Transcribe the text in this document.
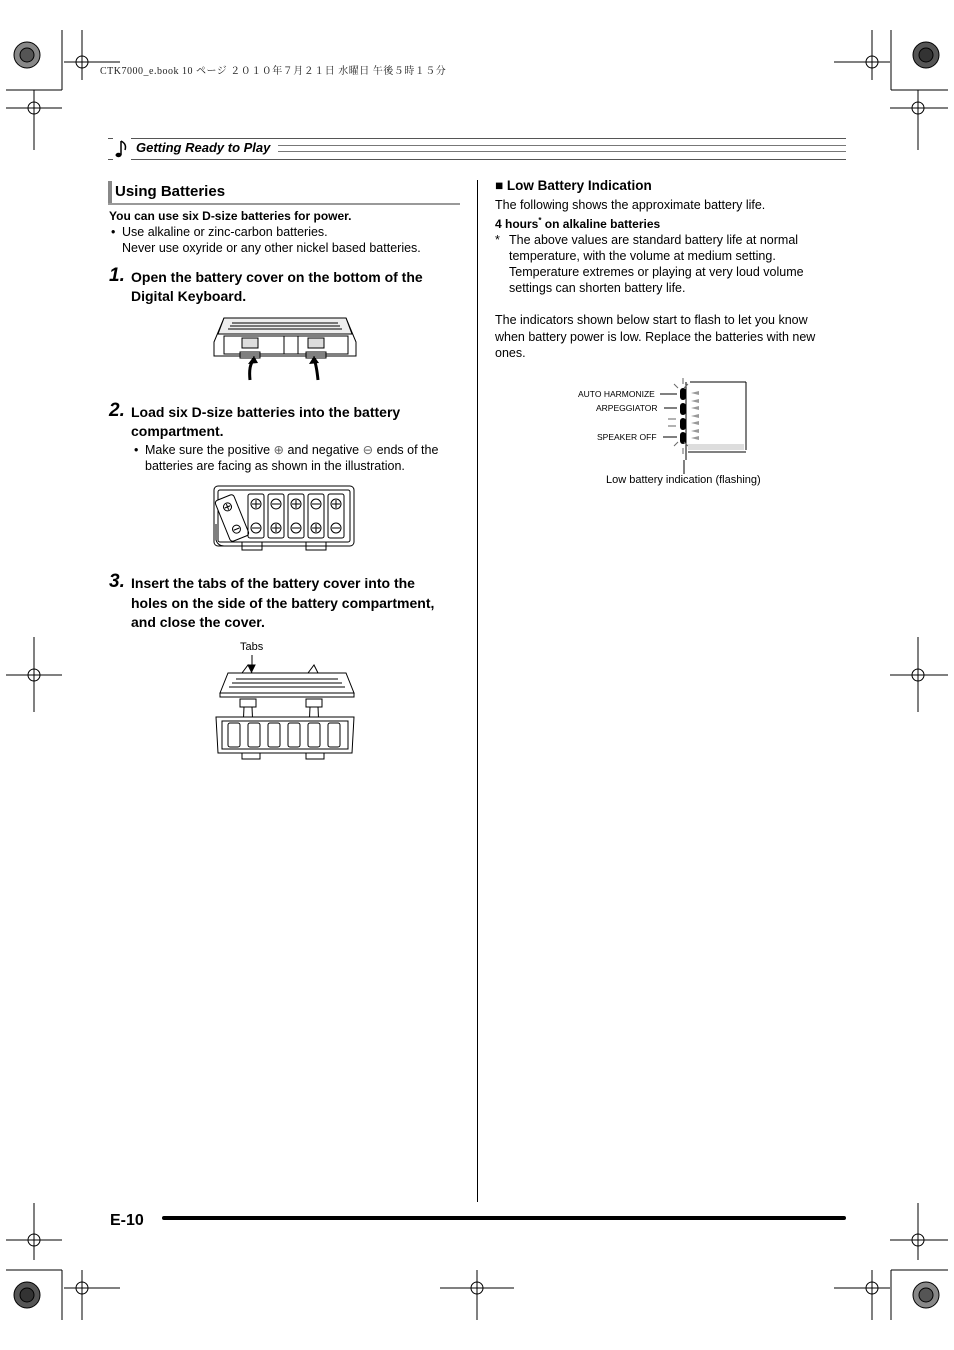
CTK7000_e.book 10 ページ ２０１０年７月２１日 水曜日 午後５時１５分
Getting Ready to Play
Using Batteries
You can use six D-size batteries for power.
• Use alkaline or zinc-carbon batteries.
Never use oxyride or any other nickel based batteries.
1. Open the battery cover on the bottom of the
Digital Keyboard.
2. Load six D-size batteries into the battery
compartment.
• Make sure the positive ⊕ and negative ⊖ ends of the
batteries are facing as shown in the illustration.
3. Insert the tabs of the battery cover into the
holes on the side of the battery compartment,
and close the cover.
Tabs
■ Low Battery Indication
The following shows the approximate battery life.
4 hours* on alkaline batteries
* The above values are standard battery life at normal
temperature, with the volume at medium setting.
Temperature extremes or playing at very loud volume
settings can shorten battery life.
The indicators shown below start to flash to let you know
when battery power is low. Replace the batteries with new
ones.
AUTO HARMONIZE
ARPEGGIATOR
SPEAKER OFF
Low battery indication (flashing)
E-10
